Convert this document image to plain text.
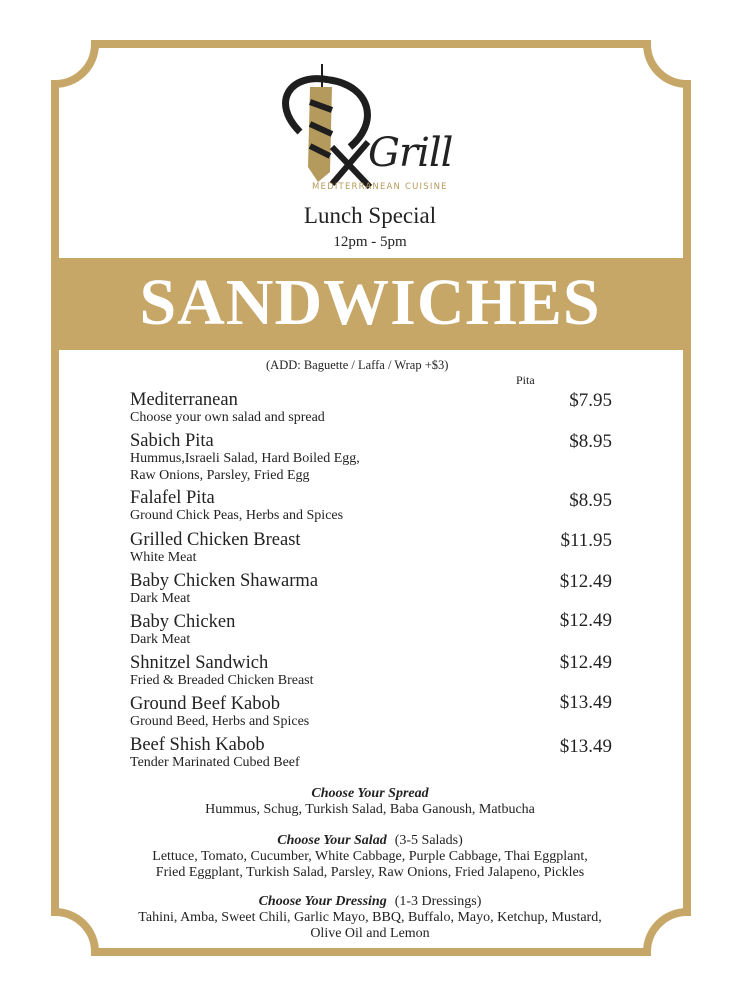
Grill
MEDITERRANEAN CUISINE
Lunch Special
12pm - 5pm
SANDWICHES
(ADD: Baguette / Laffa / Wrap +$3)
Pita
Mediterranean
Choose your own salad and spread
$7.95
Sabich Pita
Hummus,Israeli Salad, Hard Boiled Egg,
Raw Onions, Parsley, Fried Egg
$8.95
Falafel Pita
Ground Chick Peas, Herbs and Spices
$8.95
Grilled Chicken Breast
White Meat
$11.95
Baby Chicken Shawarma
Dark Meat
$12.49
Baby Chicken
Dark Meat
$12.49
Shnitzel Sandwich
Fried & Breaded Chicken Breast
$12.49
Ground Beef Kabob
Ground Beed, Herbs and Spices
$13.49
Beef Shish Kabob
Tender Marinated Cubed Beef
$13.49
Choose Your Spread
Hummus, Schug, Turkish Salad, Baba Ganoush, Matbucha
Choose Your Salad (3-5 Salads)
Lettuce, Tomato, Cucumber, White Cabbage, Purple Cabbage, Thai Eggplant,
Fried Eggplant, Turkish Salad, Parsley, Raw Onions, Fried Jalapeno, Pickles
Choose Your Dressing (1-3 Dressings)
Tahini, Amba, Sweet Chili, Garlic Mayo, BBQ, Buffalo, Mayo, Ketchup, Mustard,
Olive Oil and Lemon
